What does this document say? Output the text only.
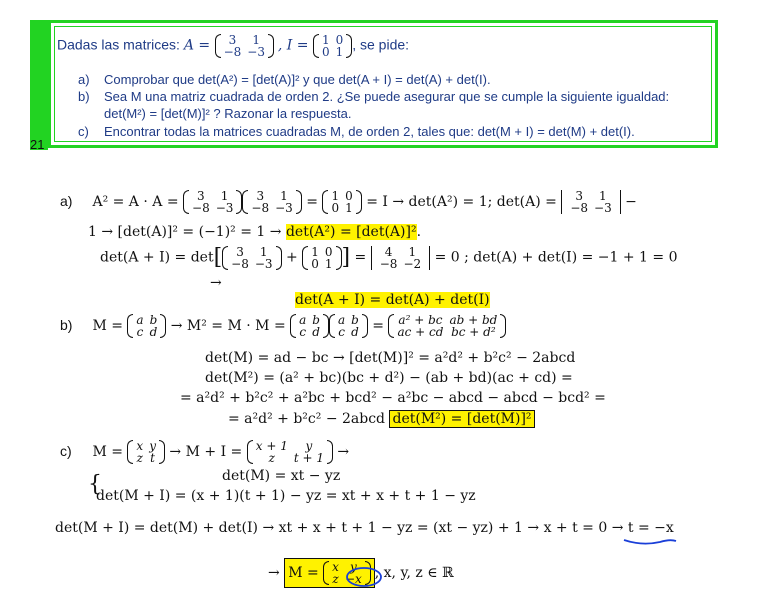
21
Dadas las matrices: A = 3	1
−8	−3 , I = 1	0
0	1 , se pide:
a) Comprobar que det(A²) = [det(A)]² y que det(A + I) = det(A) + det(I).
b) Sea M una matriz cuadrada de orden 2. ¿Se puede asegurar que se cumple la siguiente igualdad:
det(M²) = [det(M)]² ? Razonar la respuesta.
c) Encontrar todas la matrices cuadradas M, de orden 2, tales que: det(M + I) = det(M) + det(I).
a) A² = A · A = 3	1
−8	−3
3	1
−8	−3 = 1	0
0	1 = I → det(A²) = 1; det(A) = 3	1
−8	−3 −
1 → [det(A)]² = (−1)² = 1 → det(A²) = [det(A)]².
det(A + I) = det[ 3	1
−8	−3 + 1	0
0	1 ] = 4	1
−8	−2 = 0 ; det(A) + det(I) = −1 + 1 = 0
→
det(A + I) = det(A) + det(I)
b) M = a	b
c	d → M² = M · M = a	b
c	d
a	b
c	d = a² + bc	ab + bd
ac + cd	bc + d²
det(M) = ad − bc → [det(M)]² = a²d² + b²c² − 2abcd
det(M²) = (a² + bc)(bc + d²) − (ab + bd)(ac + cd) =
= a²d² + b²c² + a²bc + bcd² − a²bc − abcd − abcd − bcd² =
= a²d² + b²c² − 2abcd det(M²) = [det(M)]²
c) M = x	y
z	t → M + I = x + 1	y
z	t + 1 →
{	det(M) = xt − yz
det(M + I) = (x + 1)(t + 1) − yz = xt + x + t + 1 − yz
det(M + I) = det(M) + det(I) → xt + x + t + 1 − yz = (xt − yz) + 1 → x + t = 0 → t = −x
→ M = x	y
z	−x , x, y, z ∈ ℝ
